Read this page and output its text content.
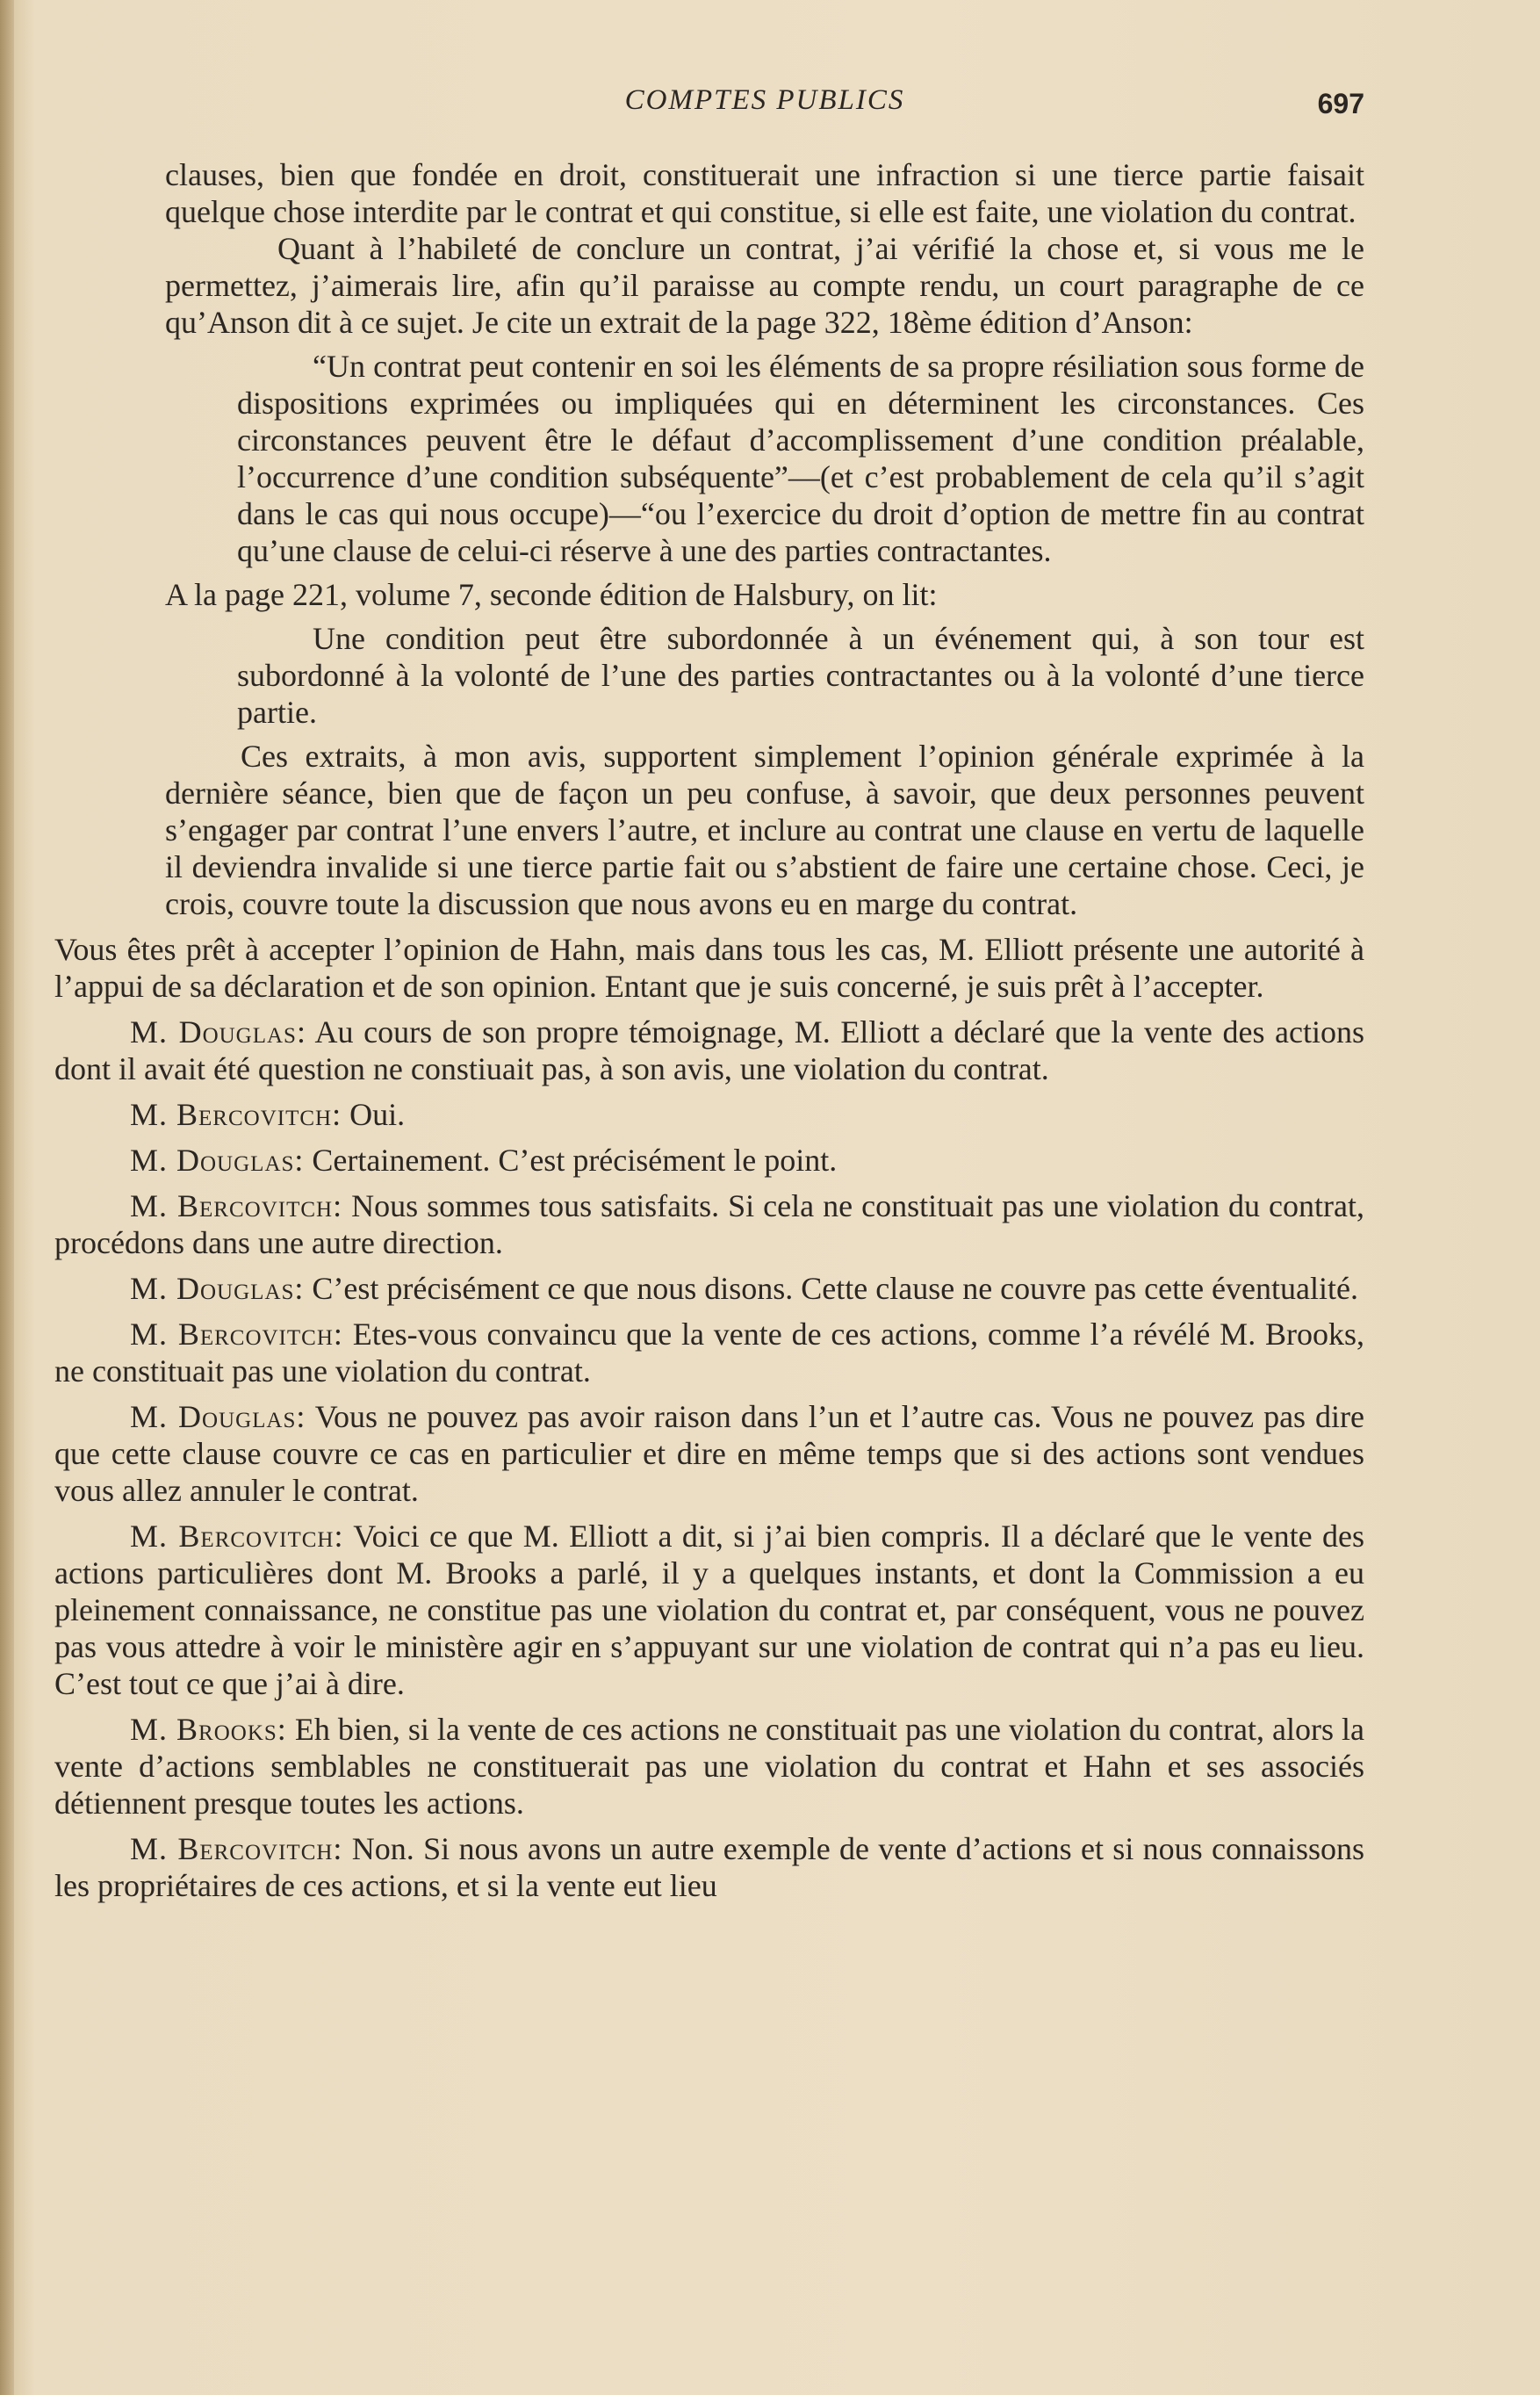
COMPTES PUBLICS	697

clauses, bien que fondée en droit, constituerait une infraction si une tierce partie faisait quelque chose interdite par le contrat et qui constitue, si elle est faite, une violation du contrat.

Quant à l’habileté de conclure un contrat, j’ai vérifié la chose et, si vous me le permettez, j’aimerais lire, afin qu’il paraisse au compte rendu, un court paragraphe de ce qu’Anson dit à ce sujet. Je cite un extrait de la page 322, 18ème édition d’Anson:

“Un contrat peut contenir en soi les éléments de sa propre résiliation sous forme de dispositions exprimées ou impliquées qui en déterminent les circonstances. Ces circonstances peuvent être le défaut d’accomplissement d’une condition préalable, l’occurrence d’une condition subséquente”—(et c’est probablement de cela qu’il s’agit dans le cas qui nous occupe)—“ou l’exercice du droit d’option de mettre fin au contrat qu’une clause de celui-ci réserve à une des parties contractantes.

A la page 221, volume 7, seconde édition de Halsbury, on lit:

Une condition peut être subordonnée à un événement qui, à son tour est subordonné à la volonté de l’une des parties contractantes ou à la volonté d’une tierce partie.

Ces extraits, à mon avis, supportent simplement l’opinion générale exprimée à la dernière séance, bien que de façon un peu confuse, à savoir, que deux personnes peuvent s’engager par contrat l’une envers l’autre, et inclure au contrat une clause en vertu de laquelle il deviendra invalide si une tierce partie fait ou s’abstient de faire une certaine chose. Ceci, je crois, couvre toute la discussion que nous avons eu en marge du contrat.

Vous êtes prêt à accepter l’opinion de Hahn, mais dans tous les cas, M. Elliott présente une autorité à l’appui de sa déclaration et de son opinion. Entant que je suis concerné, je suis prêt à l’accepter.

M. Douglas: Au cours de son propre témoignage, M. Elliott a déclaré que la vente des actions dont il avait été question ne constiuait pas, à son avis, une violation du contrat.

M. Bercovitch: Oui.

M. Douglas: Certainement. C’est précisément le point.

M. Bercovitch: Nous sommes tous satisfaits. Si cela ne constituait pas une violation du contrat, procédons dans une autre direction.

M. Douglas: C’est précisément ce que nous disons. Cette clause ne couvre pas cette éventualité.

M. Bercovitch: Etes-vous convaincu que la vente de ces actions, comme l’a révélé M. Brooks, ne constituait pas une violation du contrat.

M. Douglas: Vous ne pouvez pas avoir raison dans l’un et l’autre cas. Vous ne pouvez pas dire que cette clause couvre ce cas en particulier et dire en même temps que si des actions sont vendues vous allez annuler le contrat.

M. Bercovitch: Voici ce que M. Elliott a dit, si j’ai bien compris. Il a déclaré que le vente des actions particulières dont M. Brooks a parlé, il y a quelques instants, et dont la Commission a eu pleinement connaissance, ne constitue pas une violation du contrat et, par conséquent, vous ne pouvez pas vous attedre à voir le ministère agir en s’appuyant sur une violation de contrat qui n’a pas eu lieu. C’est tout ce que j’ai à dire.

M. Brooks: Eh bien, si la vente de ces actions ne constituait pas une violation du contrat, alors la vente d’actions semblables ne constituerait pas une violation du contrat et Hahn et ses associés détiennent presque toutes les actions.

M. Bercovitch: Non. Si nous avons un autre exemple de vente d’actions et si nous connaissons les propriétaires de ces actions, et si la vente eut lieu
